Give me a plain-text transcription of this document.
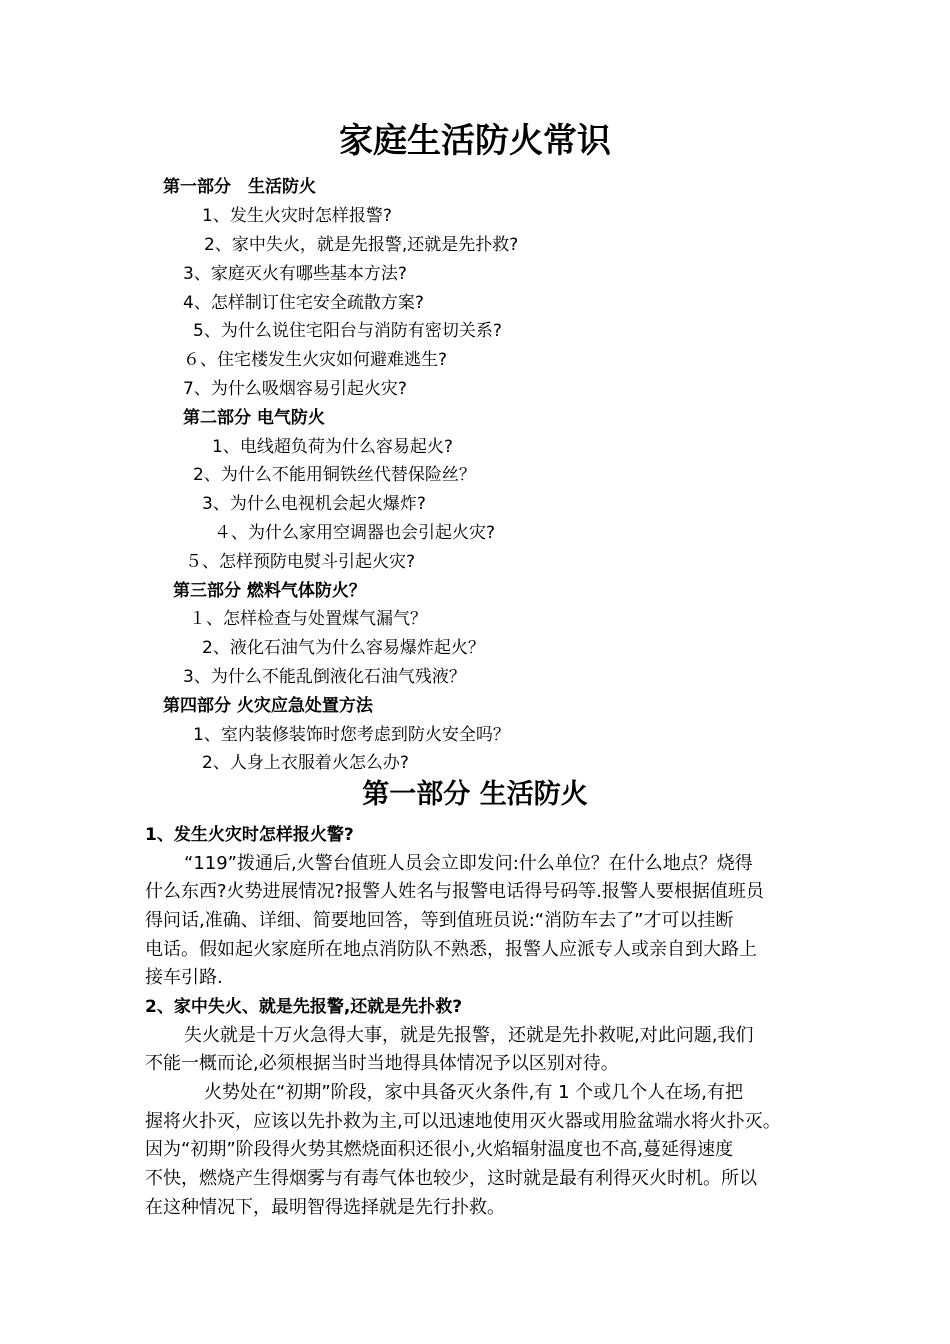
家庭生活防火常识

第一部分　生活防火

1、发生火灾时怎样报警?

2、家中失火，就是先报警,还就是先扑救?

3、家庭灭火有哪些基本方法?

4、怎样制订住宅安全疏散方案?

5、为什么说住宅阳台与消防有密切关系?

６、住宅楼发生火灾如何避难逃生?

7、为什么吸烟容易引起火灾?

第二部分 电气防火

1、电线超负荷为什么容易起火?

2、为什么不能用铜铁丝代替保险丝？

3、为什么电视机会起火爆炸?

４、为什么家用空调器也会引起火灾?

５、怎样预防电熨斗引起火灾?

第三部分 燃料气体防火？

１、怎样检查与处置煤气漏气？

2、液化石油气为什么容易爆炸起火？

3、为什么不能乱倒液化石油气残液？

第四部分 火灾应急处置方法

1、室内装修装饰时您考虑到防火安全吗？

2、人身上衣服着火怎么办?

第一部分 生活防火
1、发生火灾时怎样报火警?

“119”拨通后,火警台值班人员会立即发问:什么单位？在什么地点？烧得

什么东西?火势进展情况?报警人姓名与报警电话得号码等.报警人要根据值班员

得问话,准确、详细、简要地回答，等到值班员说:“消防车去了”才可以挂断

电话。假如起火家庭所在地点消防队不熟悉，报警人应派专人或亲自到大路上

接车引路.

2、家中失火、就是先报警,还就是先扑救?

失火就是十万火急得大事，就是先报警，还就是先扑救呢,对此问题,我们

不能一概而论,必须根据当时当地得具体情况予以区别对待。

火势处在“初期”阶段，家中具备灭火条件,有 1 个或几个人在场,有把

握将火扑灭，应该以先扑救为主,可以迅速地使用灭火器或用脸盆端水将火扑灭。

因为“初期”阶段得火势其燃烧面积还很小,火焰辐射温度也不高,蔓延得速度

不快，燃烧产生得烟雾与有毒气体也较少，这时就是最有利得灭火时机。所以

在这种情况下，最明智得选择就是先行扑救。
